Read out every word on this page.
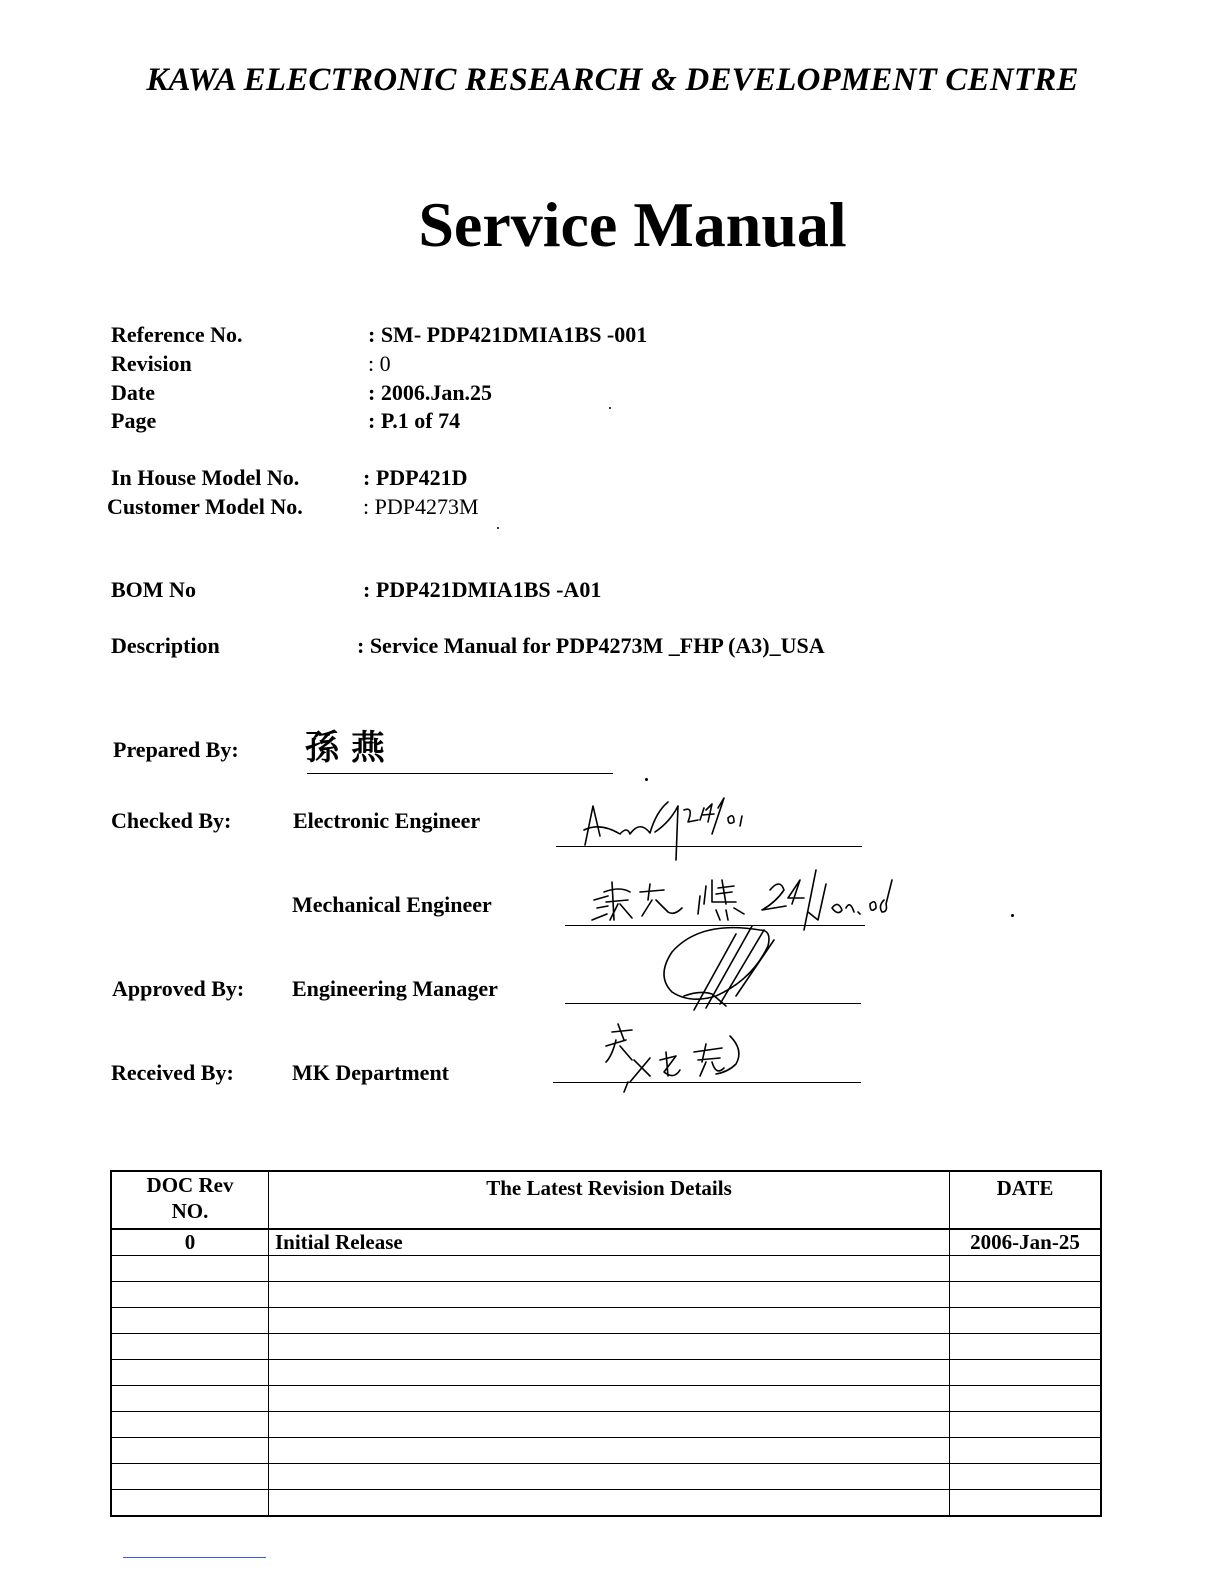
KAWA ELECTRONIC RESEARCH & DEVELOPMENT CENTRE
Service Manual
Reference No.	: SM- PDP421DMIA1BS -001
Revision	: 0
Date	: 2006.Jan.25
Page	: P.1 of 74
In House Model No.	: PDP421D
Customer Model No.	: PDP4273M
BOM No	: PDP421DMIA1BS -A01
Description	: Service Manual for PDP4273M _FHP (A3)_USA
Prepared By: 孫 燕
Checked By:	Electronic Engineer
Mechanical Engineer
Approved By: Engineering Manager
Received By:	MK Department
DOC Rev NO.	The Latest Revision Details	DATE
0	Initial Release	2006-Jan-25
